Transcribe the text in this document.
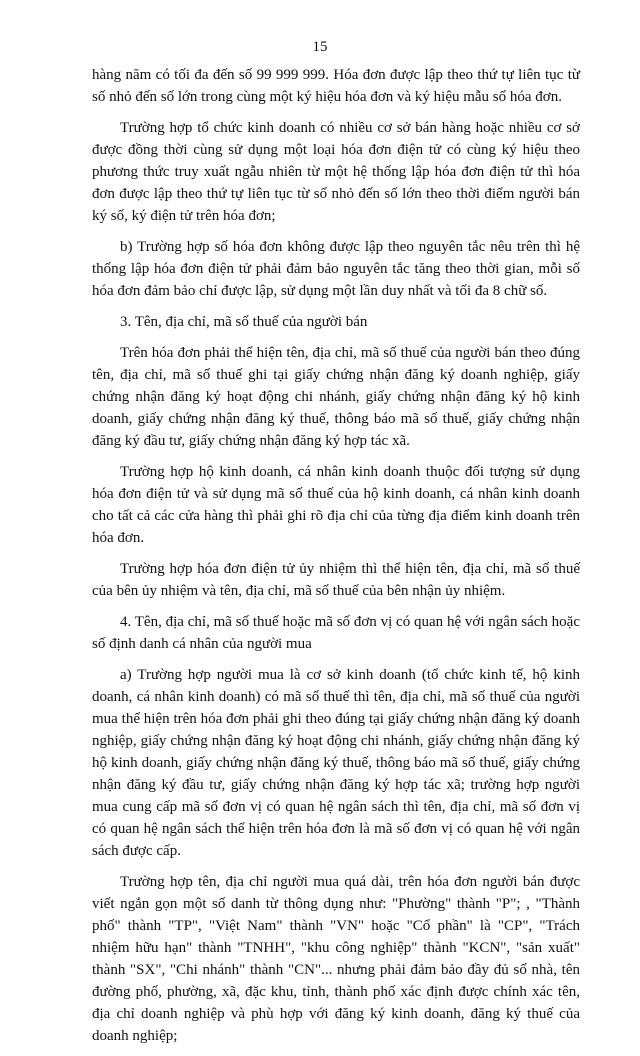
15

hàng năm có tối đa đến số 99 999 999. Hóa đơn được lập theo thứ tự liên tục từ số nhỏ đến số lớn trong cùng một ký hiệu hóa đơn và ký hiệu mẫu số hóa đơn.

Trường hợp tổ chức kinh doanh có nhiều cơ sở bán hàng hoặc nhiều cơ sở được đồng thời cùng sử dụng một loại hóa đơn điện tử có cùng ký hiệu theo phương thức truy xuất ngẫu nhiên từ một hệ thống lập hóa đơn điện tử thì hóa đơn được lập theo thứ tự liên tục từ số nhỏ đến số lớn theo thời điểm người bán ký số, ký điện tử trên hóa đơn;

b) Trường hợp số hóa đơn không được lập theo nguyên tắc nêu trên thì hệ thống lập hóa đơn điện tử phải đảm bảo nguyên tắc tăng theo thời gian, mỗi số hóa đơn đảm bảo chỉ được lập, sử dụng một lần duy nhất và tối đa 8 chữ số.

3. Tên, địa chỉ, mã số thuế của người bán

Trên hóa đơn phải thể hiện tên, địa chỉ, mã số thuế của người bán theo đúng tên, địa chỉ, mã số thuế ghi tại giấy chứng nhận đăng ký doanh nghiệp, giấy chứng nhận đăng ký hoạt động chi nhánh, giấy chứng nhận đăng ký hộ kinh doanh, giấy chứng nhận đăng ký thuế, thông báo mã số thuế, giấy chứng nhận đăng ký đầu tư, giấy chứng nhận đăng ký hợp tác xã.

Trường hợp hộ kinh doanh, cá nhân kinh doanh thuộc đối tượng sử dụng hóa đơn điện tử và sử dụng mã số thuế của hộ kinh doanh, cá nhân kinh doanh cho tất cả các cửa hàng thì phải ghi rõ địa chỉ của từng địa điểm kinh doanh trên hóa đơn.

Trường hợp hóa đơn điện tử ủy nhiệm thì thể hiện tên, địa chỉ, mã số thuế của bên ủy nhiệm và tên, địa chỉ, mã số thuế của bên nhận ủy nhiệm.

4. Tên, địa chỉ, mã số thuế hoặc mã số đơn vị có quan hệ với ngân sách hoặc số định danh cá nhân của người mua

a) Trường hợp người mua là cơ sở kinh doanh (tổ chức kinh tế, hộ kinh doanh, cá nhân kinh doanh) có mã số thuế thì tên, địa chỉ, mã số thuế của người mua thể hiện trên hóa đơn phải ghi theo đúng tại giấy chứng nhận đăng ký doanh nghiệp, giấy chứng nhận đăng ký hoạt động chi nhánh, giấy chứng nhận đăng ký hộ kinh doanh, giấy chứng nhận đăng ký thuế, thông báo mã số thuế, giấy chứng nhận đăng ký đầu tư, giấy chứng nhận đăng ký hợp tác xã; trường hợp người mua cung cấp mã số đơn vị có quan hệ ngân sách thì tên, địa chỉ, mã số đơn vị có quan hệ ngân sách thể hiện trên hóa đơn là mã số đơn vị có quan hệ với ngân sách được cấp.

Trường hợp tên, địa chỉ người mua quá dài, trên hóa đơn người bán được viết ngắn gọn một số danh từ thông dụng như: "Phường" thành "P"; , "Thành phố" thành "TP", "Việt Nam" thành "VN" hoặc "Cổ phần" là "CP", "Trách nhiệm hữu hạn" thành "TNHH", "khu công nghiệp" thành "KCN", "sản xuất" thành "SX", "Chi nhánh" thành "CN"... nhưng phải đảm bảo đầy đủ số nhà, tên đường phố, phường, xã, đặc khu, tỉnh, thành phố xác định được chính xác tên, địa chỉ doanh nghiệp và phù hợp với đăng ký kinh doanh, đăng ký thuế của doanh nghiệp;
